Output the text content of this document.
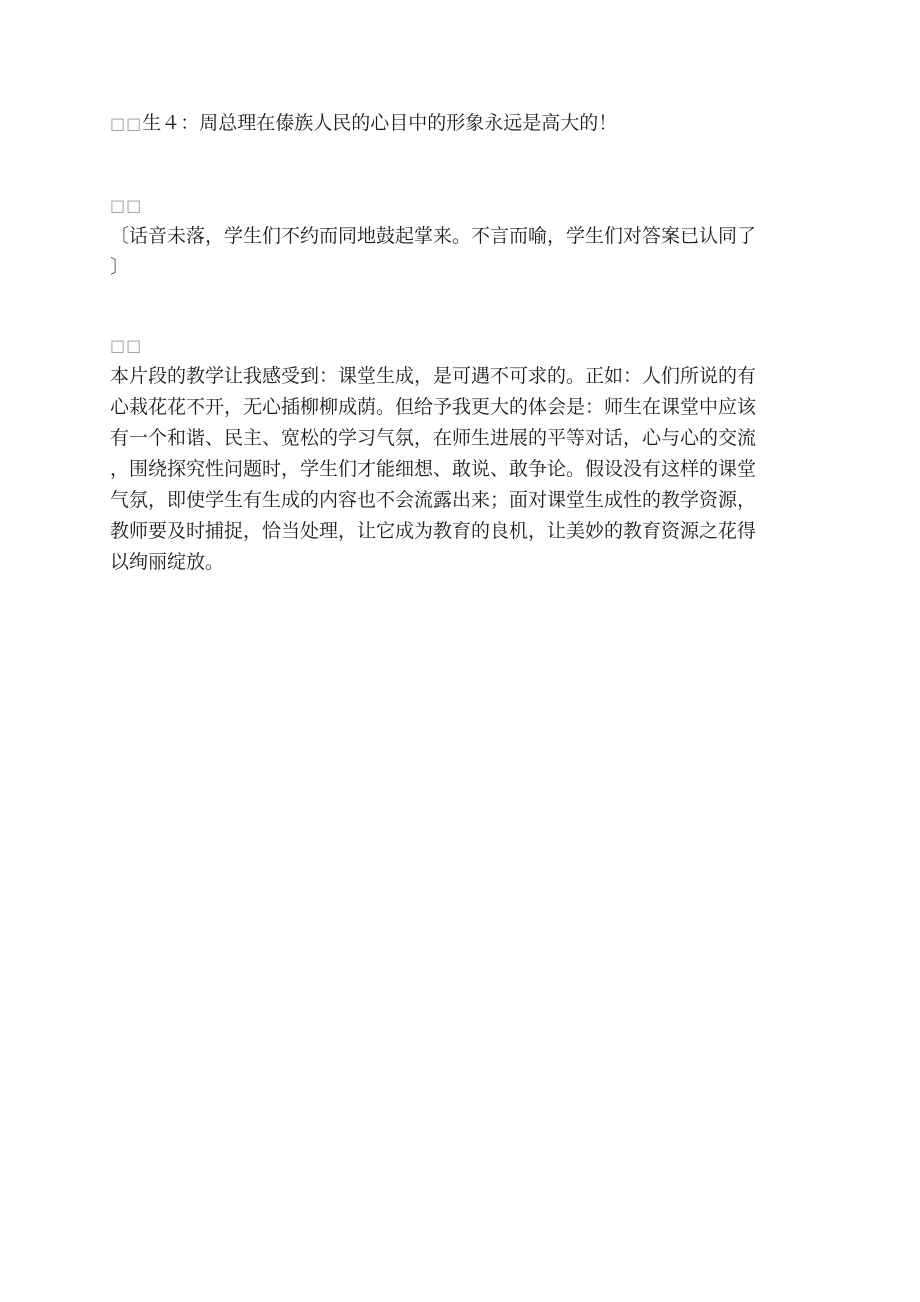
□□生４：周总理在傣族人民的心目中的形象永远是高大的！
□□
〔话音未落，学生们不约而同地鼓起掌来。不言而喻，学生们对答案已认同了
〕
□□
本片段的教学让我感受到：课堂生成，是可遇不可求的。正如：人们所说的有
心栽花花不开，无心插柳柳成荫。但给予我更大的体会是：师生在课堂中应该
有一个和谐、民主、宽松的学习气氛，在师生进展的平等对话，心与心的交流
，围绕探究性问题时，学生们才能细想、敢说、敢争论。假设没有这样的课堂
气氛，即使学生有生成的内容也不会流露出来；面对课堂生成性的教学资源，
教师要及时捕捉，恰当处理，让它成为教育的良机，让美妙的教育资源之花得
以绚丽绽放。
